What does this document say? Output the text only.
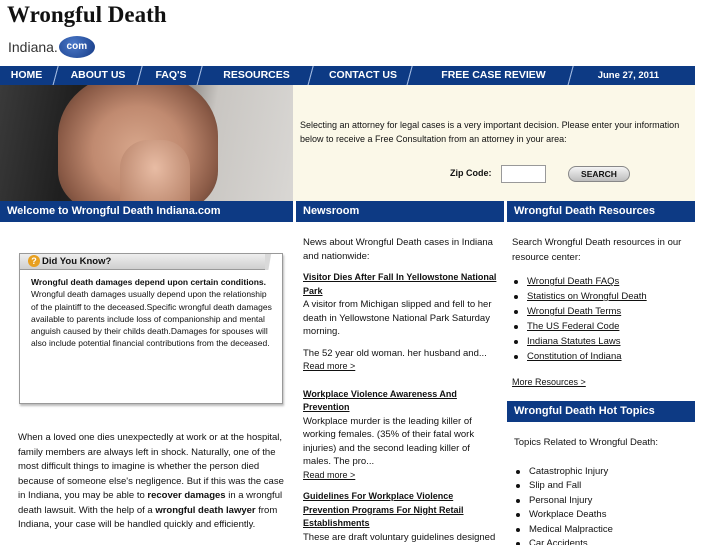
Wrongful Death
Indiana. com
HOME	ABOUT US	FAQ'S	RESOURCES	CONTACT US	FREE CASE REVIEW	June 27, 2011
Selecting an attorney for legal cases is a very important decision. Please enter your information below to receive a Free Consultation from an attorney in your area:
Zip Code:	SEARCH
Welcome to Wrongful Death Indiana.com	Newsroom	Wrongful Death Resources
? Did You Know?
Wrongful death damages depend upon certain conditions.
Wrongful death damages usually depend upon the relationship of the plaintiff to the deceased.Specific wrongful death damages available to parents include loss of companionship and mental anguish caused by their childs death.Damages for spouses will also include potential financial contributions from the deceased.
When a loved one dies unexpectedly at work or at the hospital, family members are always left in shock. Naturally, one of the most difficult things to imagine is whether the person died because of someone else's negligence. But if this was the case in Indiana, you may be able to recover damages in a wrongful death lawsuit. With the help of a wrongful death lawyer from Indiana, your case will be handled quickly and efficiently.

News about Wrongful Death cases in Indiana and nationwide:

Visitor Dies After Fall In Yellowstone National Park
A visitor from Michigan slipped and fell to her death in Yellowstone National Park Saturday morning.

The 52 year old woman. her husband and...
Read more >

Workplace Violence Awareness And Prevention
Workplace murder is the leading killer of working females. (35% of their fatal work injuries) and the second leading killer of males. The pro...
Read more >

Guidelines For Workplace Violence Prevention Programs For Night Retail Establishments
These are draft voluntary guidelines designed

Search Wrongful Death resources in our resource center:
Wrongful Death FAQs
Statistics on Wrongful Death
Wrongful Death Terms
The US Federal Code
Indiana Statutes Laws
Constitution of Indiana
More Resources >
Wrongful Death Hot Topics
Topics Related to Wrongful Death:
Catastrophic Injury
Slip and Fall
Personal Injury
Workplace Deaths
Medical Malpractice
Car Accidents
